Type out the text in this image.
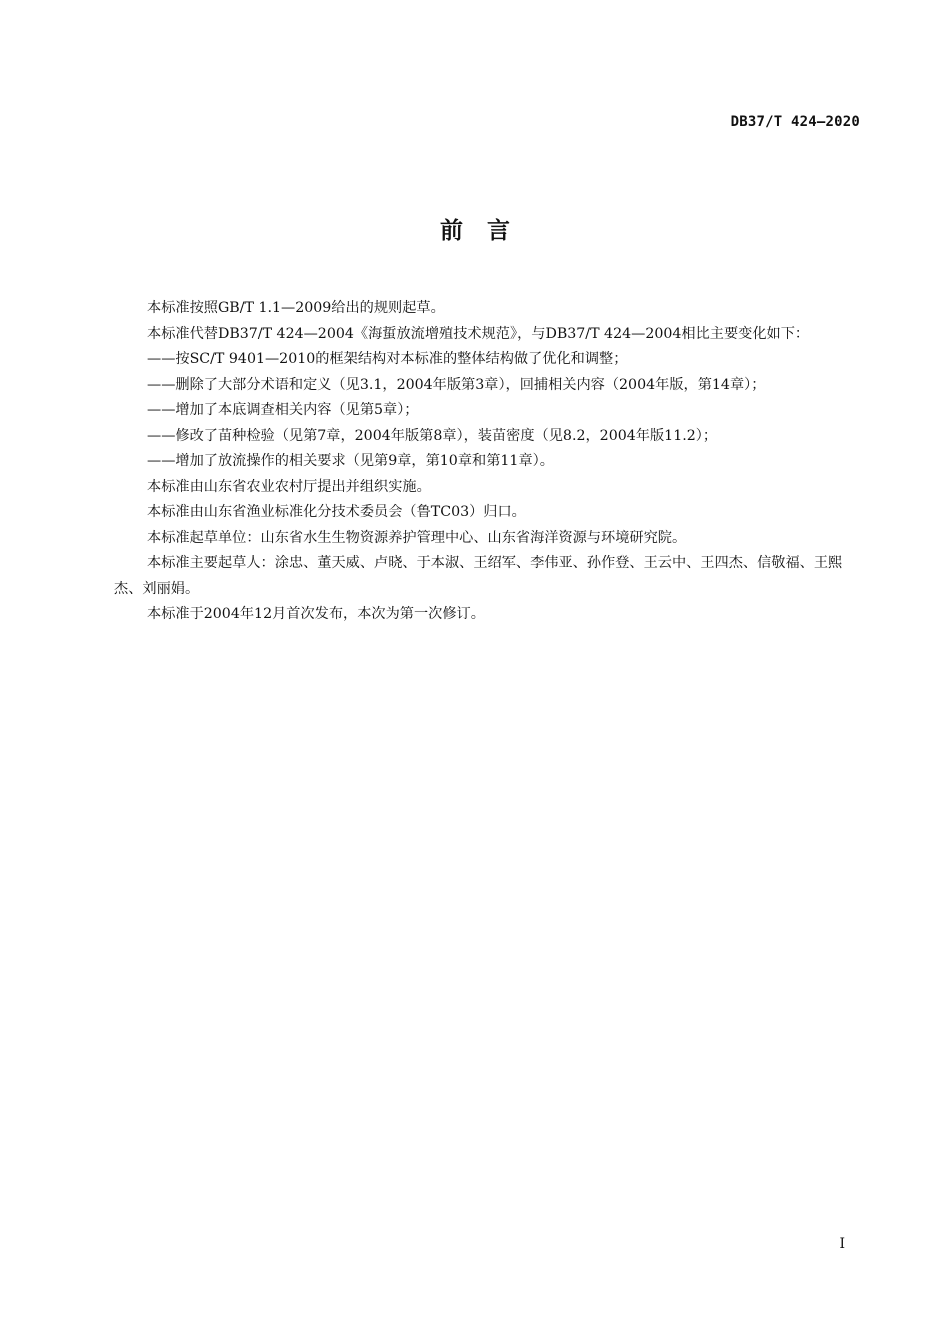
DB37/T 424—2020
前言

本标准按照GB/T 1.1—2009给出的规则起草。

本标准代替DB37/T 424—2004《海蜇放流增殖技术规范》，与DB37/T 424—2004相比主要变化如下：

——按SC/T 9401—2010的框架结构对本标准的整体结构做了优化和调整；

——删除了大部分术语和定义（见3.1，2004年版第3章），回捕相关内容（2004年版，第14章）；

——增加了本底调查相关内容（见第5章）；

——修改了苗种检验（见第7章，2004年版第8章），装苗密度（见8.2，2004年版11.2）；

——增加了放流操作的相关要求（见第9章，第10章和第11章）。

本标准由山东省农业农村厅提出并组织实施。

本标准由山东省渔业标准化分技术委员会（鲁TC03）归口。

本标准起草单位：山东省水生生物资源养护管理中心、山东省海洋资源与环境研究院。

本标准主要起草人：涂忠、董天威、卢晓、于本淑、王绍军、李伟亚、孙作登、王云中、王四杰、信敬福、王熙杰、刘丽娟。

本标准于2004年12月首次发布，本次为第一次修订。

I
